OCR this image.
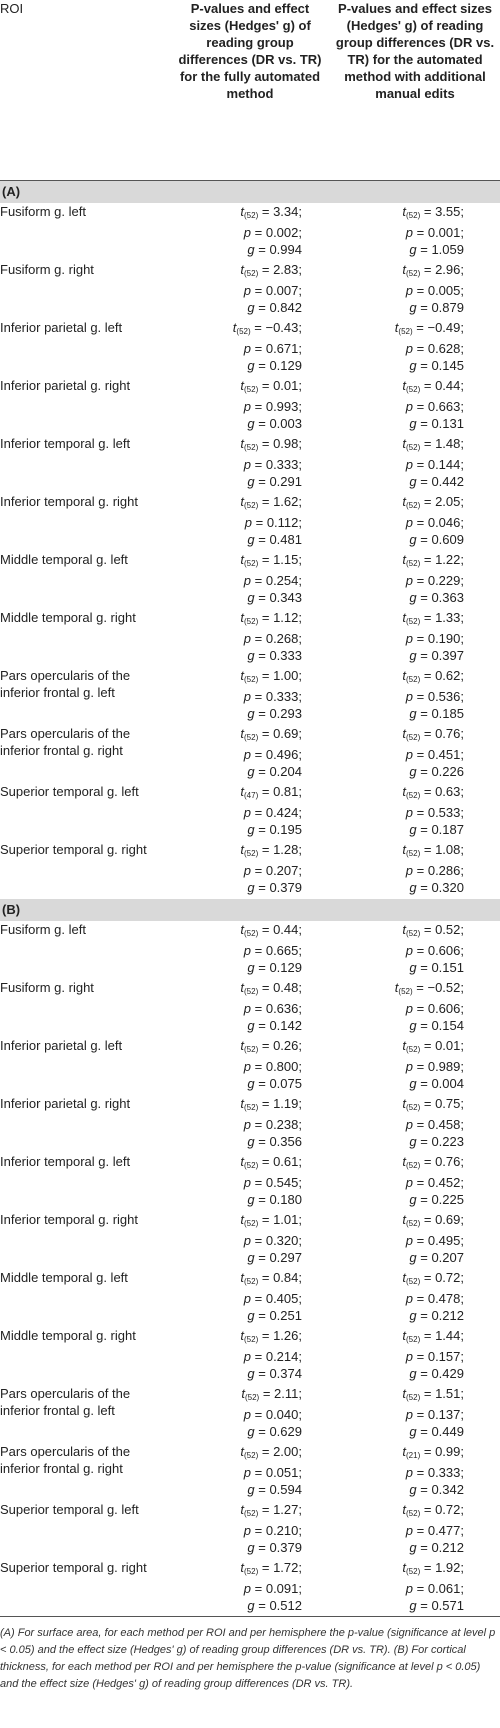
ROI	P-values and effect sizes (Hedges' g) of reading group differences (DR vs. TR) for the fully automated method	P-values and effect sizes (Hedges' g) of reading group differences (DR vs. TR) for the automated method with additional manual edits
(A)		
Fusiform g. left	$t_{(52)} = 3.34$;
p = 0.002;
g = 0.994	$t_{(52)} = 3.55$;
p = 0.001;
g = 1.059

Fusiform g. right	$t_{(52)} = 2.83$;
p = 0.007;
g = 0.842	$t_{(52)} = 2.96$;
p = 0.005;
g = 0.879

Inferior parietal g. left	$t_{(52)} = -0.43$;
p = 0.671;
g = 0.129	$t_{(52)} = -0.49$;
p = 0.628;
g = 0.145

Inferior parietal g. right	$t_{(52)} = 0.01$;
p = 0.993;
g = 0.003	$t_{(52)} = 0.44$;
p = 0.663;
g = 0.131

Inferior temporal g. left	$t_{(52)} = 0.98$;
p = 0.333;
g = 0.291	$t_{(52)} = 1.48$;
p = 0.144;
g = 0.442

Inferior temporal g. right	$t_{(52)} = 1.62$;
p = 0.112;
g = 0.481	$t_{(52)} = 2.05$;
p = 0.046;
g = 0.609

Middle temporal g. left	$t_{(52)} = 1.15$;
p = 0.254;
g = 0.343	$t_{(52)} = 1.22$;
p = 0.229;
g = 0.363

Middle temporal g. right	$t_{(52)} = 1.12$;
p = 0.268;
g = 0.333	$t_{(52)} = 1.33$;
p = 0.190;
g = 0.397

Pars opercularis of the inferior frontal g. left	$t_{(52)} = 1.00$;
p = 0.333;
g = 0.293	$t_{(52)} = 0.62$;
p = 0.536;
g = 0.185

Pars opercularis of the inferior frontal g. right	$t_{(52)} = 0.69$;
p = 0.496;
g = 0.204	$t_{(52)} = 0.76$;
p = 0.451;
g = 0.226

Superior temporal g. left	$t_{(47)} = 0.81$;
p = 0.424;
g = 0.195	$t_{(52)} = 0.63$;
p = 0.533;
g = 0.187

Superior temporal g. right	$t_{(52)} = 1.28$;
p = 0.207;
g = 0.379	$t_{(52)} = 1.08$;
p = 0.286;
g = 0.320

(B)		
Fusiform g. left	$t_{(52)} = 0.44$;
p = 0.665;
g = 0.129	$t_{(52)} = 0.52$;
p = 0.606;
g = 0.151

Fusiform g. right	$t_{(52)} = 0.48$;
p = 0.636;
g = 0.142	$t_{(52)} = -0.52$;
p = 0.606;
g = 0.154

Inferior parietal g. left	$t_{(52)} = 0.26$;
p = 0.800;
g = 0.075	$t_{(52)} = 0.01$;
p = 0.989;
g = 0.004

Inferior parietal g. right	$t_{(52)} = 1.19$;
p = 0.238;
g = 0.356	$t_{(52)} = 0.75$;
p = 0.458;
g = 0.223

Inferior temporal g. left	$t_{(52)} = 0.61$;
p = 0.545;
g = 0.180	$t_{(52)} = 0.76$;
p = 0.452;
g = 0.225

Inferior temporal g. right	$t_{(52)} = 1.01$;
p = 0.320;
g = 0.297	$t_{(52)} = 0.69$;
p = 0.495;
g = 0.207

Middle temporal g. left	$t_{(52)} = 0.84$;
p = 0.405;
g = 0.251	$t_{(52)} = 0.72$;
p = 0.478;
g = 0.212

Middle temporal g. right	$t_{(52)} = 1.26$;
p = 0.214;
g = 0.374	$t_{(52)} = 1.44$;
p = 0.157;
g = 0.429

Pars opercularis of the inferior frontal g. left	$t_{(52)} = 2.11$;
p = 0.040;
g = 0.629	$t_{(52)} = 1.51$;
p = 0.137;
g = 0.449

Pars opercularis of the inferior frontal g. right	$t_{(52)} = 2.00$;
p = 0.051;
g = 0.594	$t_{(21)} = 0.99$;
p = 0.333;
g = 0.342

Superior temporal g. left	$t_{(52)} = 1.27$;
p = 0.210;
g = 0.379	$t_{(52)} = 0.72$;
p = 0.477;
g = 0.212

Superior temporal g. right	$t_{(52)} = 1.72$;
p = 0.091;
g = 0.512	$t_{(52)} = 1.92$;
p = 0.061;
g = 0.571
(A) For surface area, for each method per ROI and per hemisphere the p-value (significance at level p < 0.05) and the effect size (Hedges' g) of reading group differences (DR vs. TR). (B) For cortical thickness, for each method per ROI and per hemisphere the p-value (significance at level p < 0.05) and the effect size (Hedges' g) of reading group differences (DR vs. TR).
